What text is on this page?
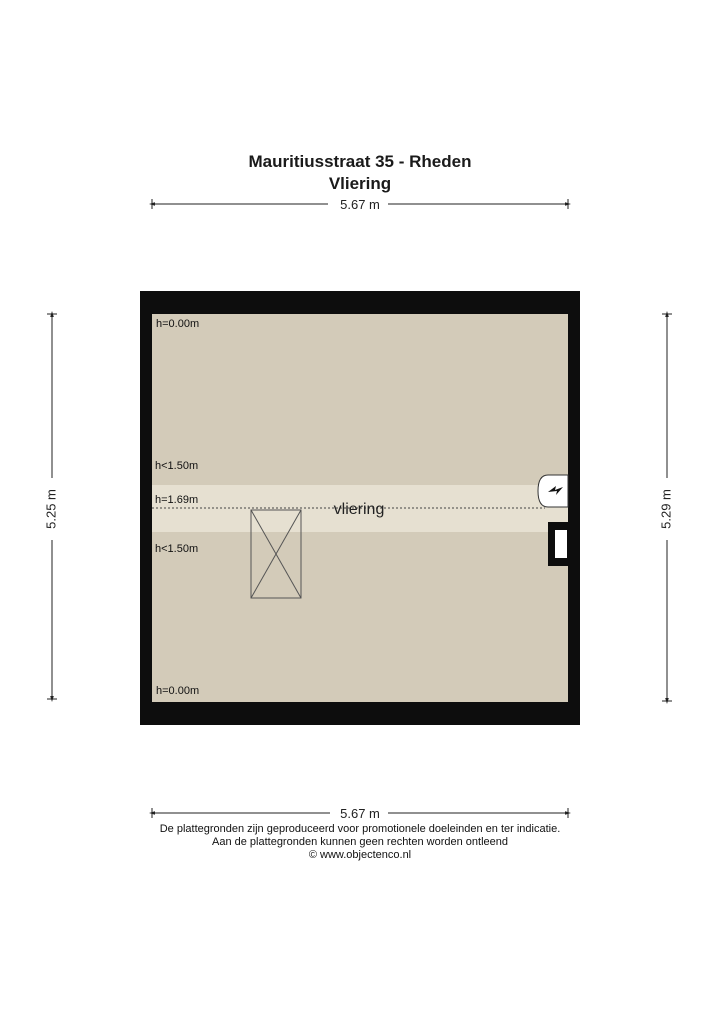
Mauritiusstraat 35 - Rheden
Vliering
5.67 m
5.25 m	5.29 m
5.67 m
vliering
h=0.00m
h<1.50m
h=1.69m
h<1.50m
h=0.00m
De plattegronden zijn geproduceerd voor promotionele doeleinden en ter indicatie.
Aan de plattegronden kunnen geen rechten worden ontleend
© www.objectenco.nl
